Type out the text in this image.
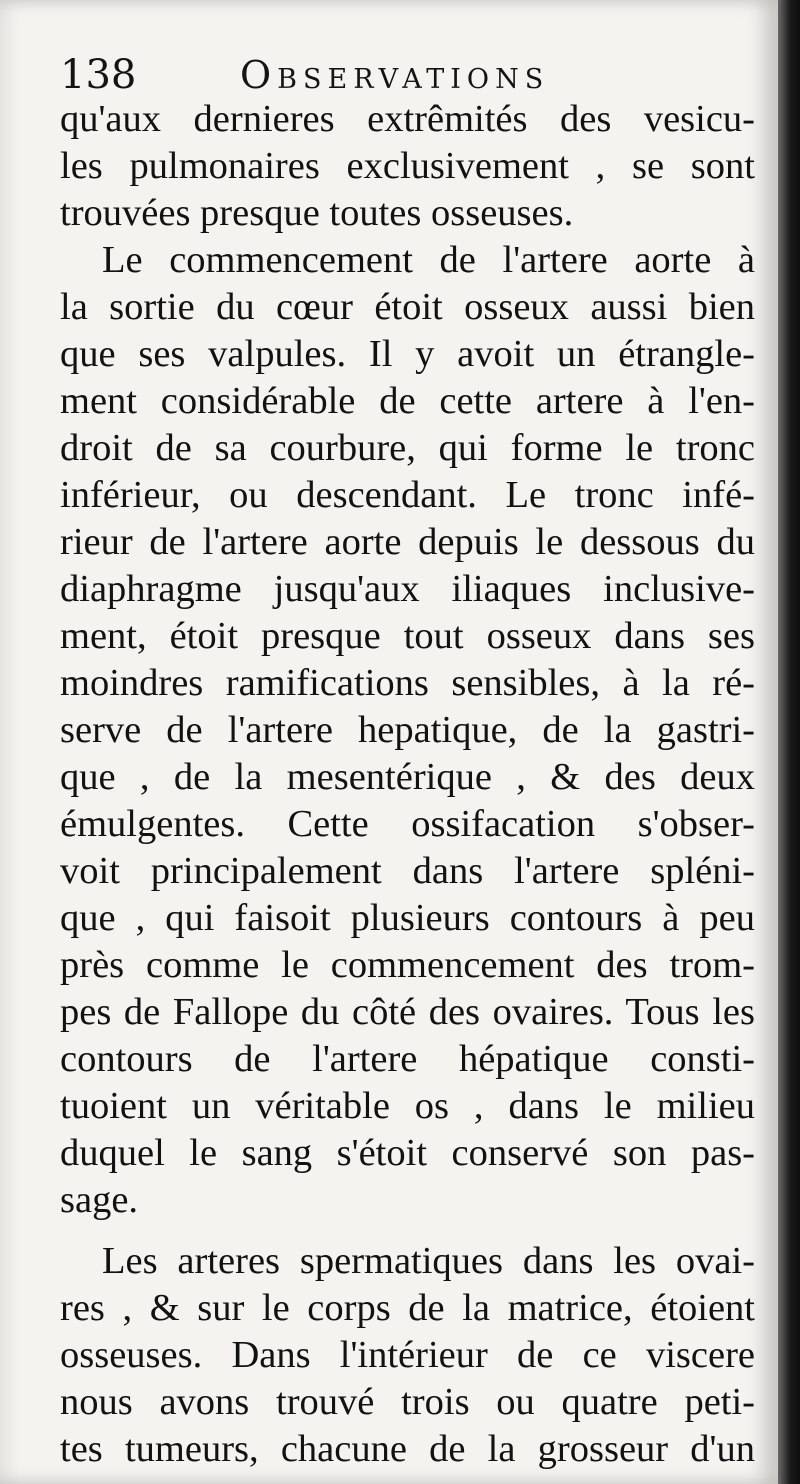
138	Observations
qu'aux dernieres extrêmités des vesicu-
les pulmonaires exclusivement , se sont
trouvées presque toutes osseuses.
Le commencement de l'artere aorte à
la sortie du cœur étoit osseux aussi bien
que ses valpules. Il y avoit un étrangle-
ment considérable de cette artere à l'en-
droit de sa courbure, qui forme le tronc
inférieur, ou descendant. Le tronc infé-
rieur de l'artere aorte depuis le dessous du
diaphragme jusqu'aux iliaques inclusive-
ment, étoit presque tout osseux dans ses
moindres ramifications sensibles, à la ré-
serve de l'artere hepatique, de la gastri-
que , de la mesentérique , & des deux
émulgentes. Cette ossifacation s'obser-
voit principalement dans l'artere spléni-
que , qui faisoit plusieurs contours à peu
près comme le commencement des trom-
pes de Fallope du côté des ovaires. Tous les
contours de l'artere hépatique consti-
tuoient un véritable os , dans le milieu
duquel le sang s'étoit conservé son pas-
sage.
Les arteres spermatiques dans les ovai-
res , & sur le corps de la matrice, étoient
osseuses. Dans l'intérieur de ce viscere
nous avons trouvé trois ou quatre peti-
tes tumeurs, chacune de la grosseur d'un
